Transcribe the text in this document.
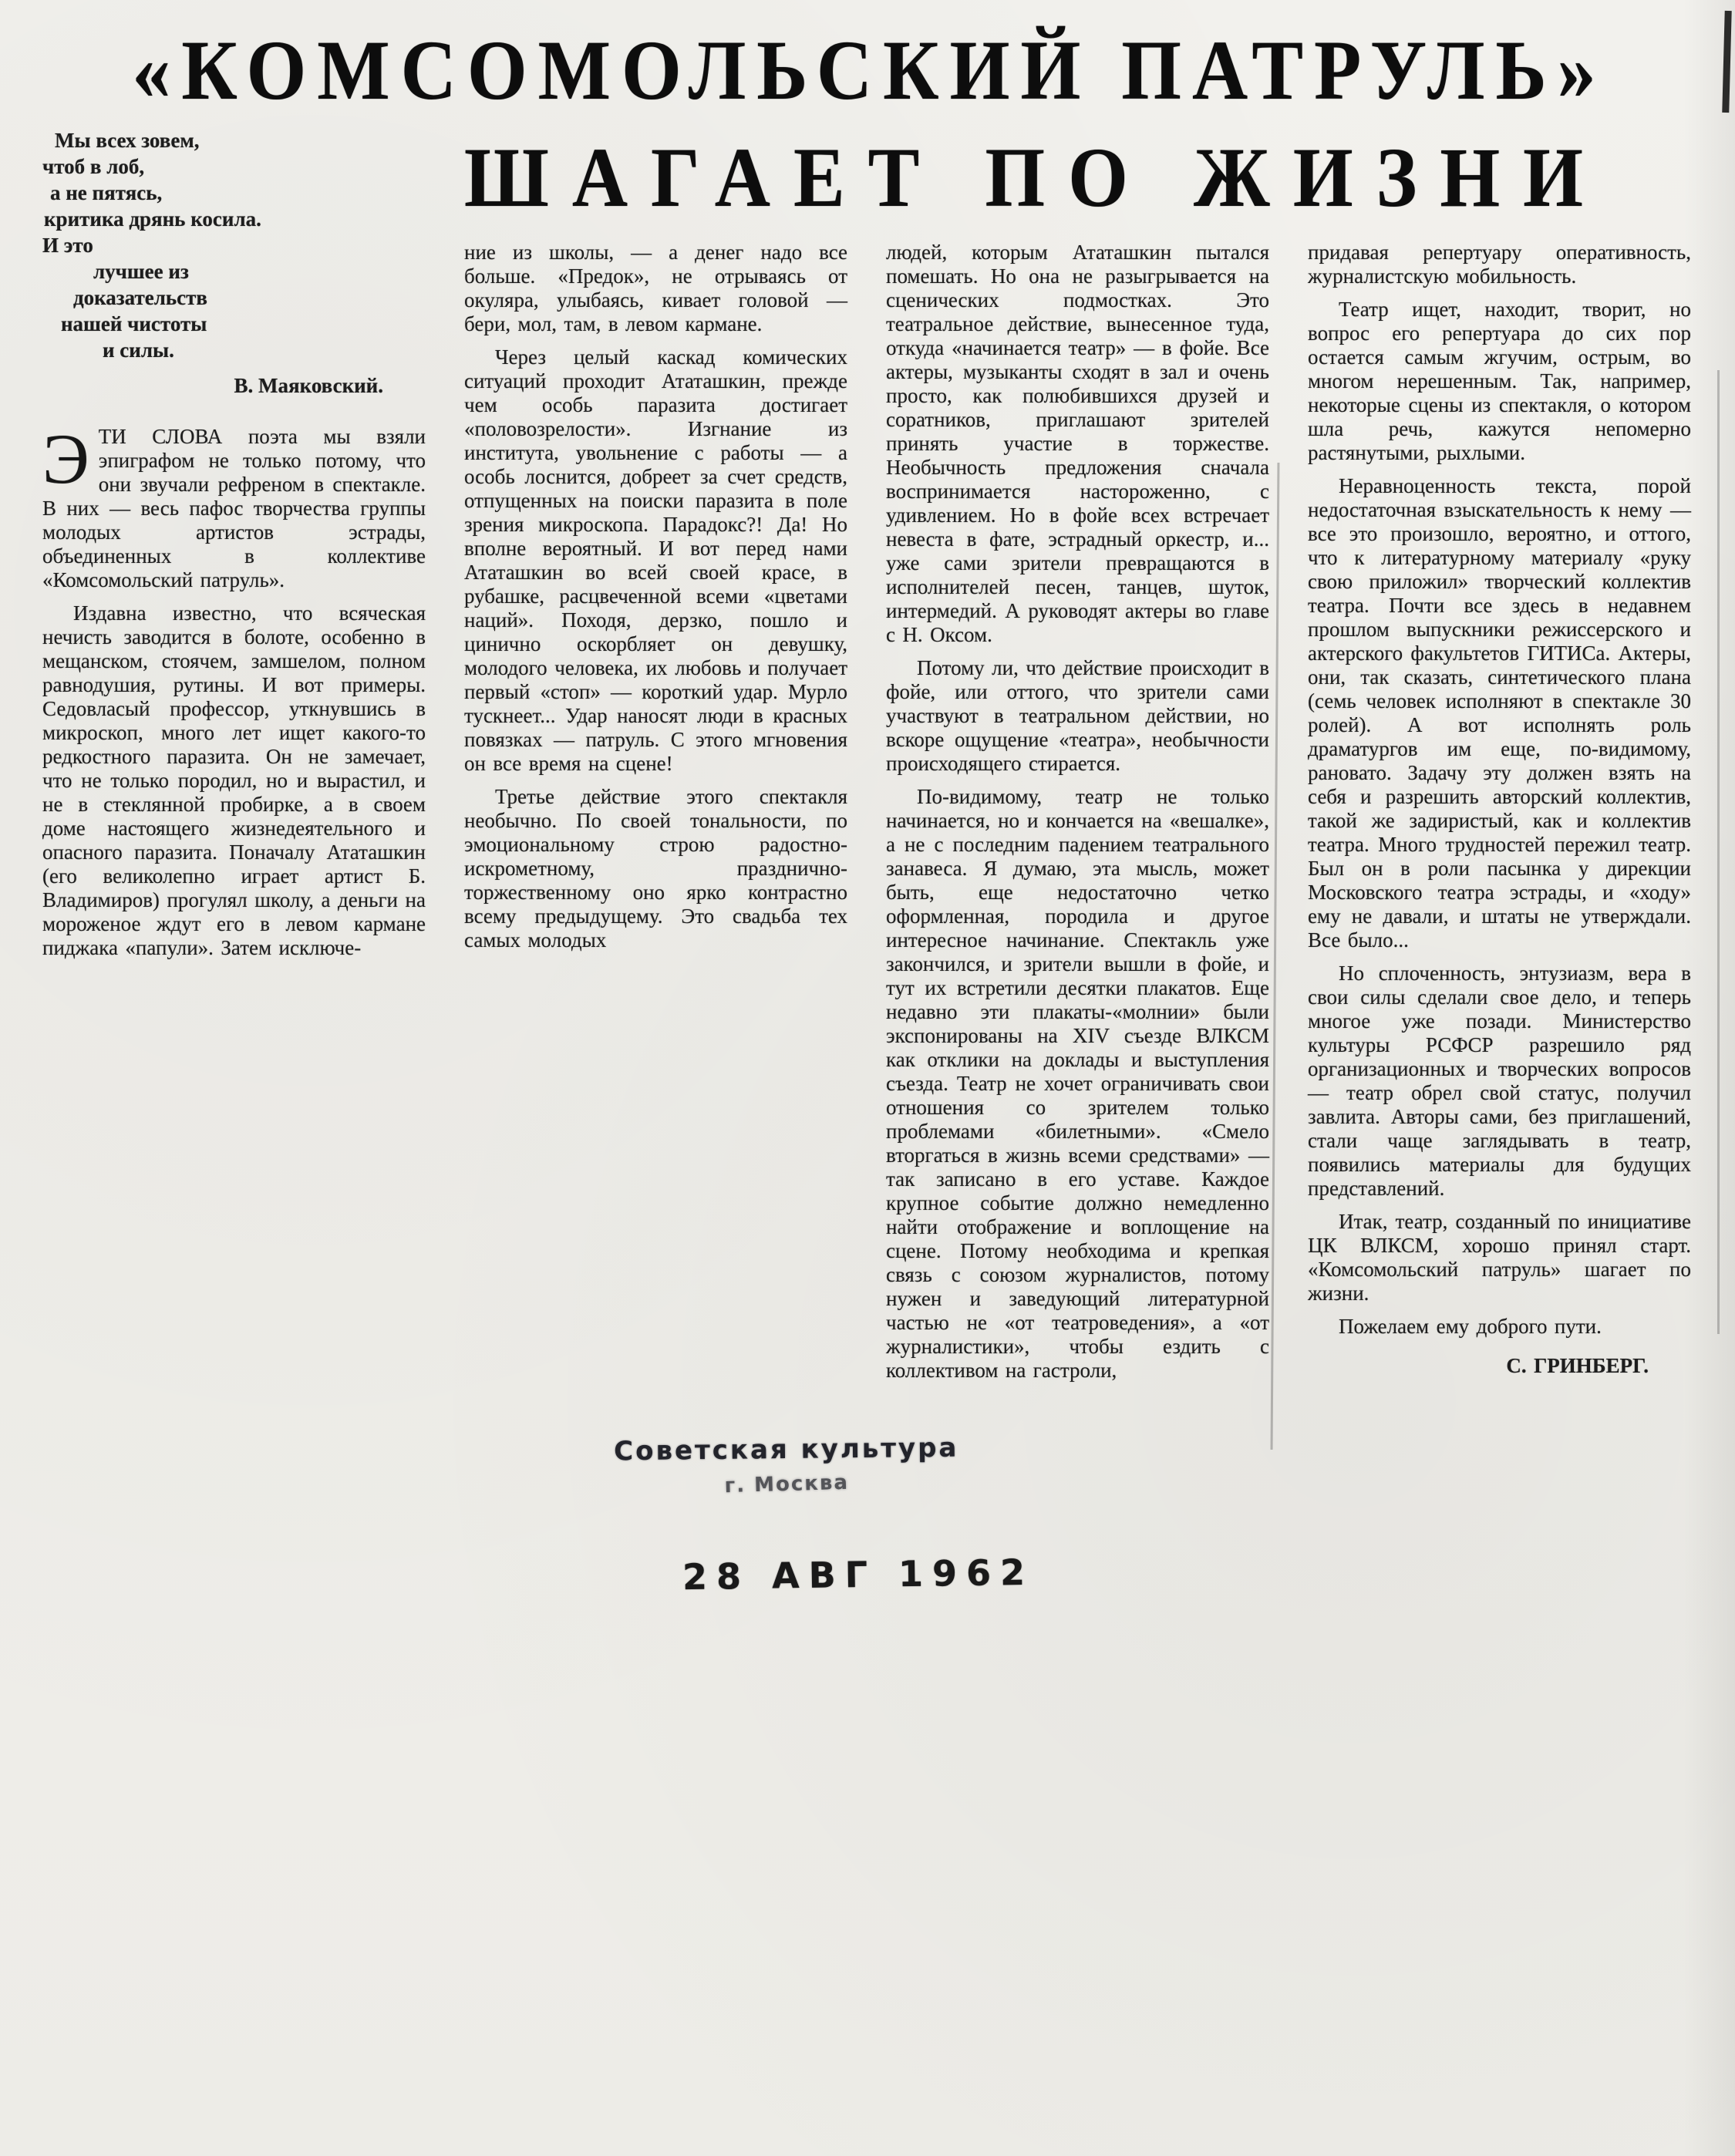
«КОМСОМОЛЬСКИЙ ПАТРУЛЬ»
Мы всех зовем,
чтоб в лоб,
а не пятясь,
критика дрянь косила.
И это
лучшее из
доказательств
нашей чистоты
и силы.
В. Маяковский.

ЭТИ СЛОВА поэта мы взяли эпиграфом не только потому, что они звучали рефреном в спектакле. В них — весь пафос творчества группы молодых артистов эстрады, объединенных в коллективе «Комсомольский патруль».

Издавна известно, что всяческая нечисть заводится в болоте, особенно в мещанском, стоячем, замшелом, полном равнодушия, рутины. И вот примеры. Седовласый профессор, уткнувшись в микроскоп, много лет ищет какого-то редкостного паразита. Он не замечает, что не только породил, но и вырастил, и не в стеклянной пробирке, а в своем доме настоящего жизнедеятельного и опасного паразита. Поначалу Ататашкин (его великолепно играет артист Б. Владимиров) прогулял школу, а деньги на мороженое ждут его в левом кармане пиджака «папули». Затем исключе-

ШАГАЕТ ПО ЖИЗНИ

ние из школы, — а денег надо все больше. «Предок», не отрываясь от окуляра, улыбаясь, кивает головой — бери, мол, там, в левом кармане.

Через целый каскад комических ситуаций проходит Ататашкин, прежде чем особь паразита достигает «половозрелости». Изгнание из института, увольнение с работы — а особь лоснится, добреет за счет средств, отпущенных на поиски паразита в поле зрения микроскопа. Парадокс?! Да! Но вполне вероятный. И вот перед нами Ататашкин во всей своей красе, в рубашке, расцвеченной всеми «цветами наций». Походя, дерзко, пошло и цинично оскорбляет он девушку, молодого человека, их любовь и получает первый «стоп» — короткий удар. Мурло тускнеет... Удар наносят люди в красных повязках — патруль. С этого мгновения он все время на сцене!

Третье действие этого спектакля необычно. По своей тональности, по эмоциональному строю радостно-искрометному, празднично-торжественному оно ярко контрастно всему предыдущему. Это свадьба тех самых молодых

людей, которым Ататашкин пытался помешать. Но она не разыгрывается на сценических подмостках. Это театральное действие, вынесенное туда, откуда «начинается театр» — в фойе. Все актеры, музыканты сходят в зал и очень просто, как полюбившихся друзей и соратников, приглашают зрителей принять участие в торжестве. Необычность предложения сначала воспринимается настороженно, с удивлением. Но в фойе всех встречает невеста в фате, эстрадный оркестр, и... уже сами зрители превращаются в исполнителей песен, танцев, шуток, интермедий. А руководят актеры во главе с Н. Оксом.

Потому ли, что действие происходит в фойе, или оттого, что зрители сами участвуют в театральном действии, но вскоре ощущение «театра», необычности происходящего стирается.

По-видимому, театр не только начинается, но и кончается на «вешалке», а не с последним падением театрального занавеса. Я думаю, эта мысль, может быть, еще недостаточно четко оформленная, породила и другое интересное начинание. Спектакль уже закончился, и зрители вышли в фойе, и тут их встретили десятки плакатов. Еще недавно эти плакаты-«молнии» были экспонированы на XIV съезде ВЛКСМ как отклики на доклады и выступления съезда. Театр не хочет ограничивать свои отношения со зрителем только проблемами «билетными». «Смело вторгаться в жизнь всеми средствами» — так записано в его уставе. Каждое крупное событие должно немедленно найти отображение и воплощение на сцене. Потому необходима и крепкая связь с союзом журналистов, потому нужен и заведующий литературной частью не «от театроведения», а «от журналистики», чтобы ездить с коллективом на гастроли,

придавая репертуару оперативность, журналистскую мобильность.

Театр ищет, находит, творит, но вопрос его репертуара до сих пор остается самым жгучим, острым, во многом нерешенным. Так, например, некоторые сцены из спектакля, о котором шла речь, кажутся непомерно растянутыми, рыхлыми.

Неравноценность текста, порой недостаточная взыскательность к нему — все это произошло, вероятно, и оттого, что к литературному материалу «руку свою приложил» творческий коллектив театра. Почти все здесь в недавнем прошлом выпускники режиссерского и актерского факультетов ГИТИСа. Актеры, они, так сказать, синтетического плана (семь человек исполняют в спектакле 30 ролей). А вот исполнять роль драматургов им еще, по-видимому, рановато. Задачу эту должен взять на себя и разрешить авторский коллектив, такой же задиристый, как и коллектив театра. Много трудностей пережил театр. Был он в роли пасынка у дирекции Московского театра эстрады, и «ходу» ему не давали, и штаты не утверждали. Все было...

Но сплоченность, энтузиазм, вера в свои силы сделали свое дело, и теперь многое уже позади. Министерство культуры РСФСР разрешило ряд организационных и творческих вопросов — театр обрел свой статус, получил завлита. Авторы сами, без приглашений, стали чаще заглядывать в театр, появились материалы для будущих представлений.

Итак, театр, созданный по инициативе ЦК ВЛКСМ, хорошо принял старт. «Комсомольский патруль» шагает по жизни.

Пожелаем ему доброго пути.

С. ГРИНБЕРГ.

Советская культура
г. Москва
28 АВГ 1962
